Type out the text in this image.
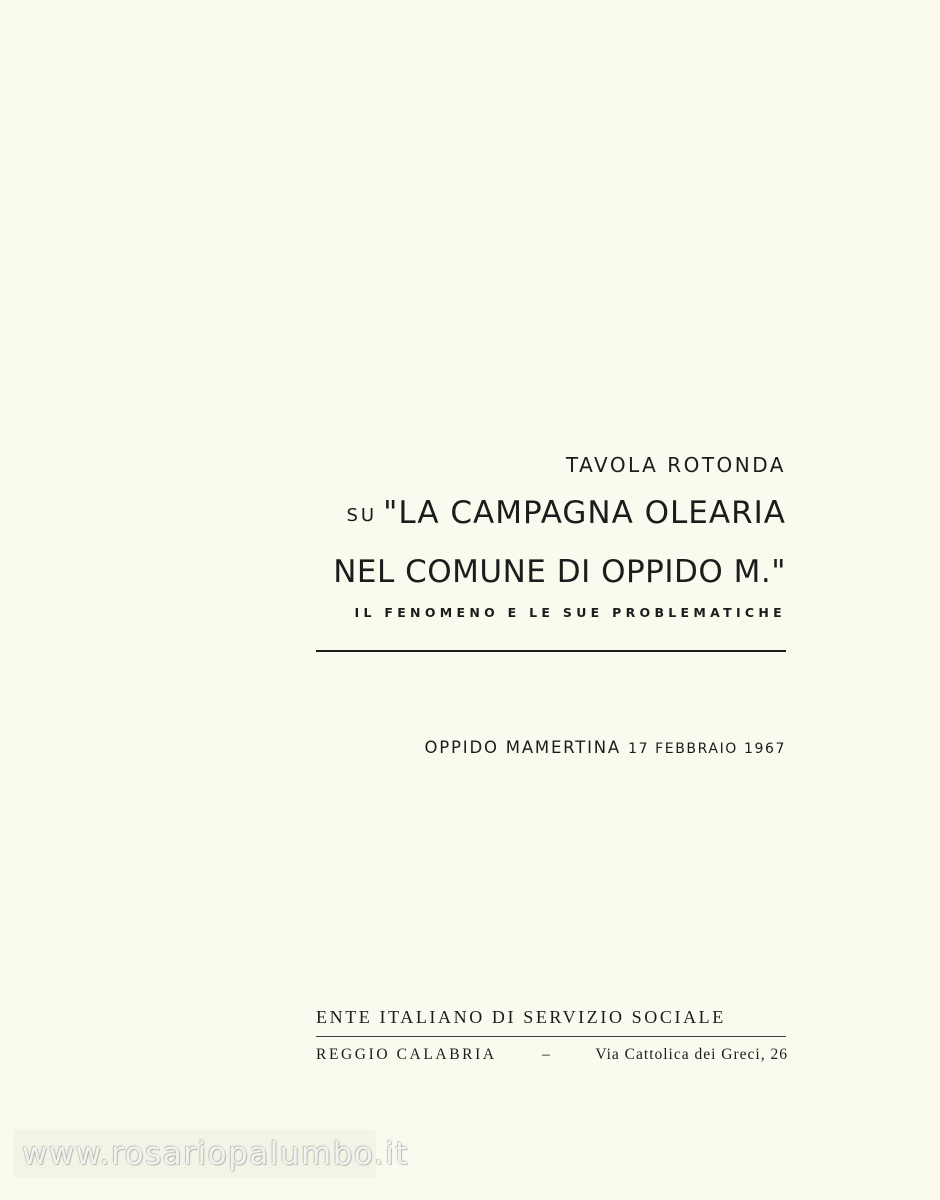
TAVOLA ROTONDA

SU "LA CAMPAGNA OLEARIA

NEL COMUNE DI OPPIDO M."

IL FENOMENO E LE SUE PROBLEMATICHE

OPPIDO MAMERTINA 17 FEBBRAIO 1967
ENTE ITALIANO DI SERVIZIO SOCIALE
REGGIO CALABRIA	–	Via Cattolica dei Greci, 26
www.rosariopalumbo.it
